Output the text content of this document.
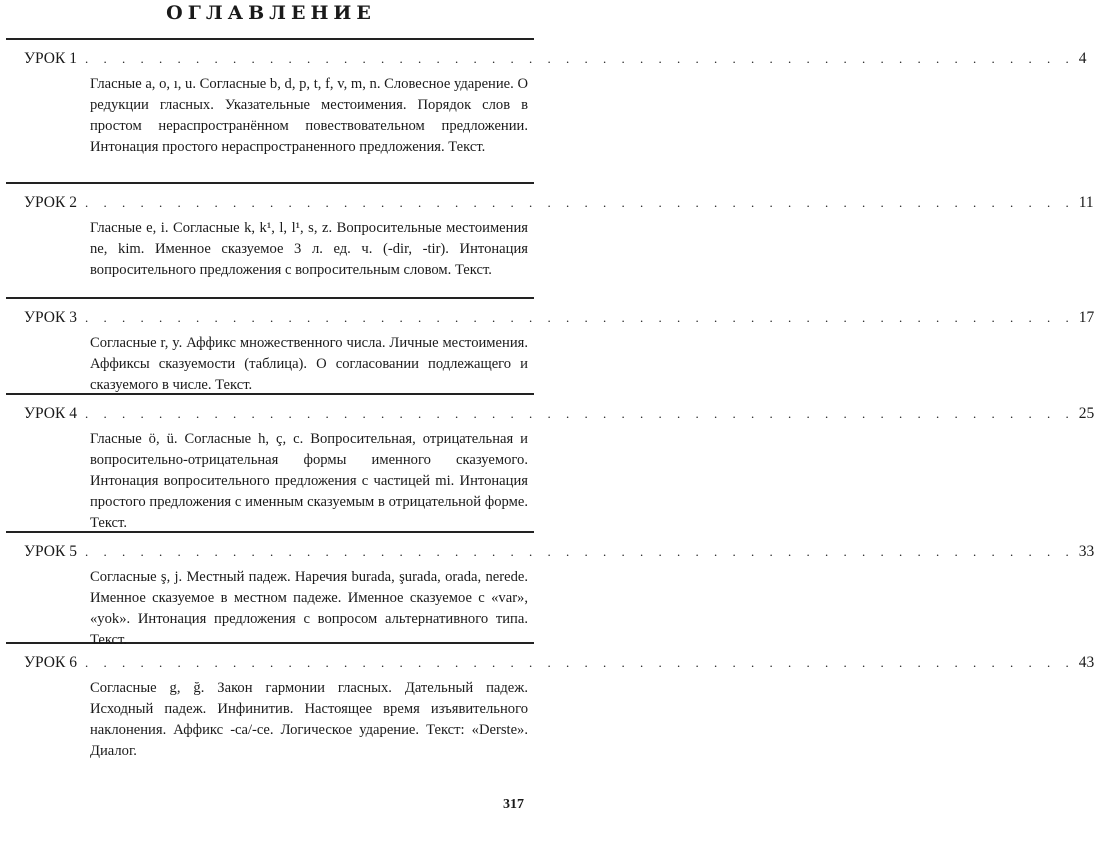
ОГЛАВЛЕНИЕ
УРОК 1 . . . . . . . . . . . . . . . . . . . . . . . . . . . . . . . . . . . . . . . . . . . . . . . . . . . . . . 4

Гласные a, o, ı, u. Согласные b, d, p, t, f, v, m, n. Словесное ударение. О редукции гласных. Указательные местоимения. Порядок слов в простом нераспространённом повествовательном предложении. Интонация простого нераспространенного предложения. Текст.

УРОК 2 . . . . . . . . . . . . . . . . . . . . . . . . . . . . . . . . . . . . . . . . . . . . . . . . . . . . . . 11

Гласные e, i. Согласные k, k¹, l, l¹, s, z. Вопросительные местоимения ne, kim. Именное сказуемое 3 л. ед. ч. (-dir, -tir). Интонация вопросительного предложения с вопросительным словом. Текст.

УРОК 3 . . . . . . . . . . . . . . . . . . . . . . . . . . . . . . . . . . . . . . . . . . . . . . . . . . . . . . 17

Согласные r, y. Аффикс множественного числа. Личные местоимения. Аффиксы сказуемости (таблица). О согласовании подлежащего и сказуемого в числе. Текст.

УРОК 4 . . . . . . . . . . . . . . . . . . . . . . . . . . . . . . . . . . . . . . . . . . . . . . . . . . . . . . 25

Гласные ö, ü. Согласные h, ç, c. Вопросительная, отрицательная и вопросительно-отрицательная формы именного сказуемого. Интонация вопросительного предложения с частицей mi. Интонация простого предложения с именным сказуемым в отрицательной форме. Текст.

УРОК 5 . . . . . . . . . . . . . . . . . . . . . . . . . . . . . . . . . . . . . . . . . . . . . . . . . . . . . . 33

Согласные ş, j. Местный падеж. Наречия burada, şurada, orada, nerede. Именное сказуемое в местном падеже. Именное сказуемое с «var», «yok». Интонация предложения с вопросом альтернативного типа. Текст.

УРОК 6 . . . . . . . . . . . . . . . . . . . . . . . . . . . . . . . . . . . . . . . . . . . . . . . . . . . . . . 43

Согласные g, ğ. Закон гармонии гласных. Дательный падеж. Исходный падеж. Инфинитив. Настоящее время изъявительного наклонения. Аффикс -ca/-ce. Логическое ударение. Текст: «Derste». Диалог.

317
